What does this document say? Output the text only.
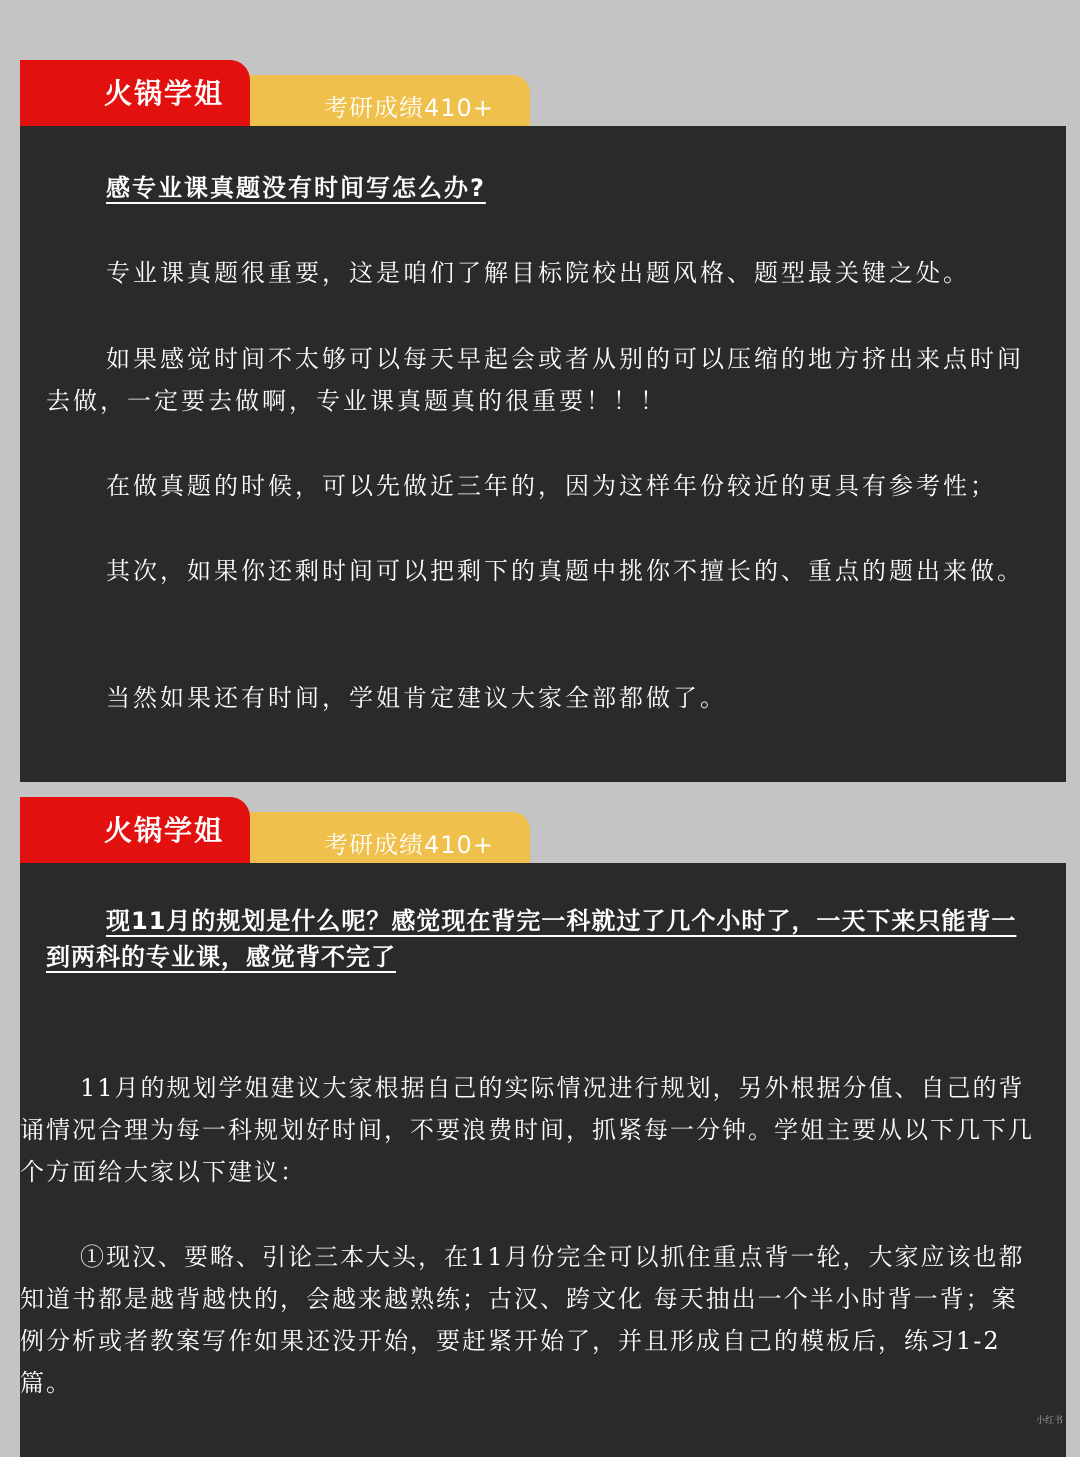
考研成绩410+
火锅学姐

感专业课真题没有时间写怎么办?

专业课真题很重要，这是咱们了解目标院校出题风格、题型最关键之处。

如果感觉时间不太够可以每天早起会或者从别的可以压缩的地方挤出来点时间去做，一定要去做啊，专业课真题真的很重要！！！

在做真题的时候，可以先做近三年的，因为这样年份较近的更具有参考性；

其次，如果你还剩时间可以把剩下的真题中挑你不擅长的、重点的题出来做。

当然如果还有时间，学姐肯定建议大家全部都做了。

考研成绩410+
火锅学姐

现11月的规划是什么呢？感觉现在背完一科就过了几个小时了，一天下来只能背一到两科的专业课，感觉背不完了

11月的规划学姐建议大家根据自己的实际情况进行规划，另外根据分值、自己的背诵情况合理为每一科规划好时间，不要浪费时间，抓紧每一分钟。学姐主要从以下几下几个方面给大家以下建议：

①现汉、要略、引论三本大头，在11月份完全可以抓住重点背一轮，大家应该也都知道书都是越背越快的，会越来越熟练；古汉、跨文化 每天抽出一个半小时背一背；案例分析或者教案写作如果还没开始，要赶紧开始了，并且形成自己的模板后，练习1-2篇。

小红书
